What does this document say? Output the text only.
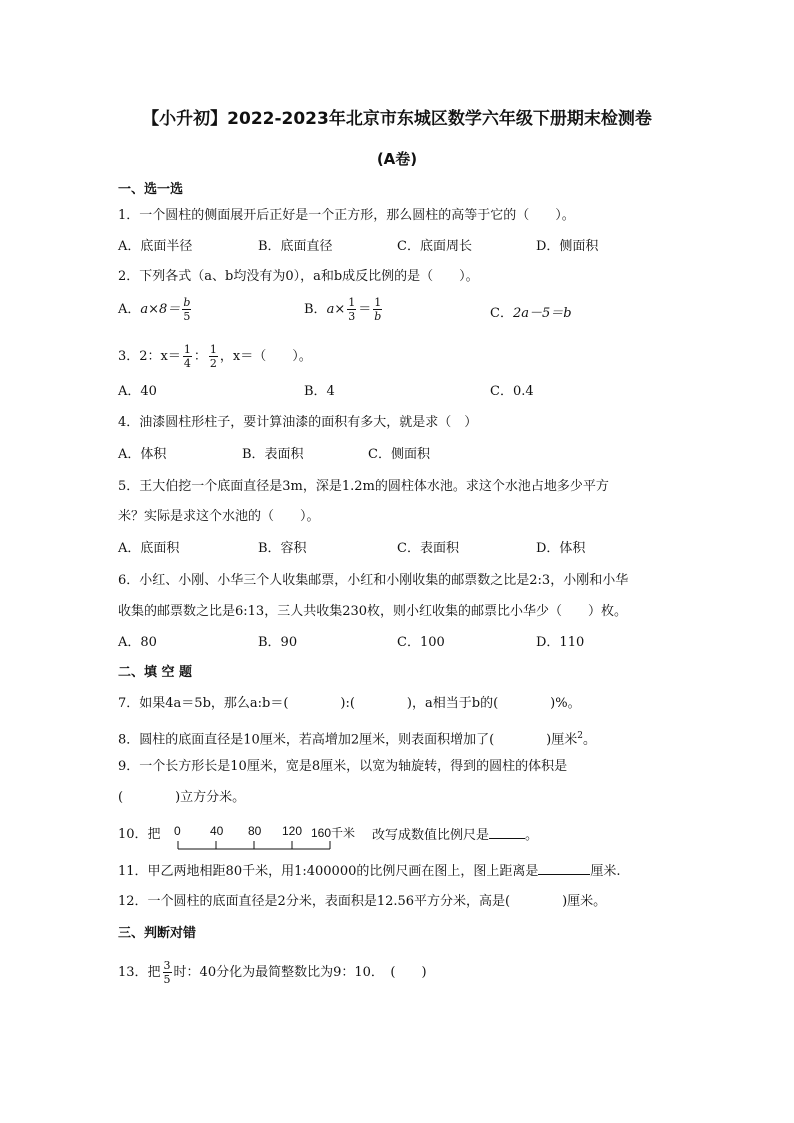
【小升初】2022-2023年北京市东城区数学六年级下册期末检测卷
(A卷)
一、选一选
1．一个圆柱的侧面展开后正好是一个正方形，那么圆柱的高等于它的（　　）。
A．底面半径	B．底面直径	C．底面周长	D．侧面积
2．下列各式（a、b均没有为0），a和b成反比例的是（　　）。
A．$a\times 8= \frac{b}{5}$	B．$a\times \frac{1}{3} = \frac{1}{b}$	C．2a－5＝b
3．2：$x= \frac{1}{4}$ ： $\frac{1}{2}$ ，x＝（　　）。
A．40	B．4	C．0.4
4．油漆圆柱形柱子，要计算油漆的面积有多大，就是求（　）
A．体积	B．表面积	C．侧面积
5．王大伯挖一个底面直径是3m，深是1.2m的圆柱体水池。求这个水池占地多少平方
米？实际是求这个水池的（　　）。
A．底面积	B．容积	C．表面积	D．体积
6．小红、小刚、小华三个人收集邮票，小红和小刚收集的邮票数之比是2:3，小刚和小华
收集的邮票数之比是6:13，三人共收集230枚，则小红收集的邮票比小华少（　　）枚。
A．80	B．90	C．100	D．110
二、填 空 题
7．如果4a＝5b，那么a:b＝(　　　　):(　　　　)，a相当于b的(　　　　)%。
8．圆柱的底面直径是10厘米，若高增加2厘米，则表面积增加了(　　　　)厘米$^2$。
9．一个长方形长是10厘米，宽是8厘米，以宽为轴旋转，得到的圆柱的体积是
(　　　　)立方分米。
10．把 0 40 80 120 160千米 改写成数值比例尺是	。
11．甲乙两地相距80千米，用1:400000的比例尺画在图上，图上距离是	厘米.
12．一个圆柱的底面直径是2分米，表面积是12.56平方分米，高是(　　　　)厘米。
三、判断对错
13．把 $\frac{3}{5}$ 时：40分化为最简整数比为9：10．　(　　)
